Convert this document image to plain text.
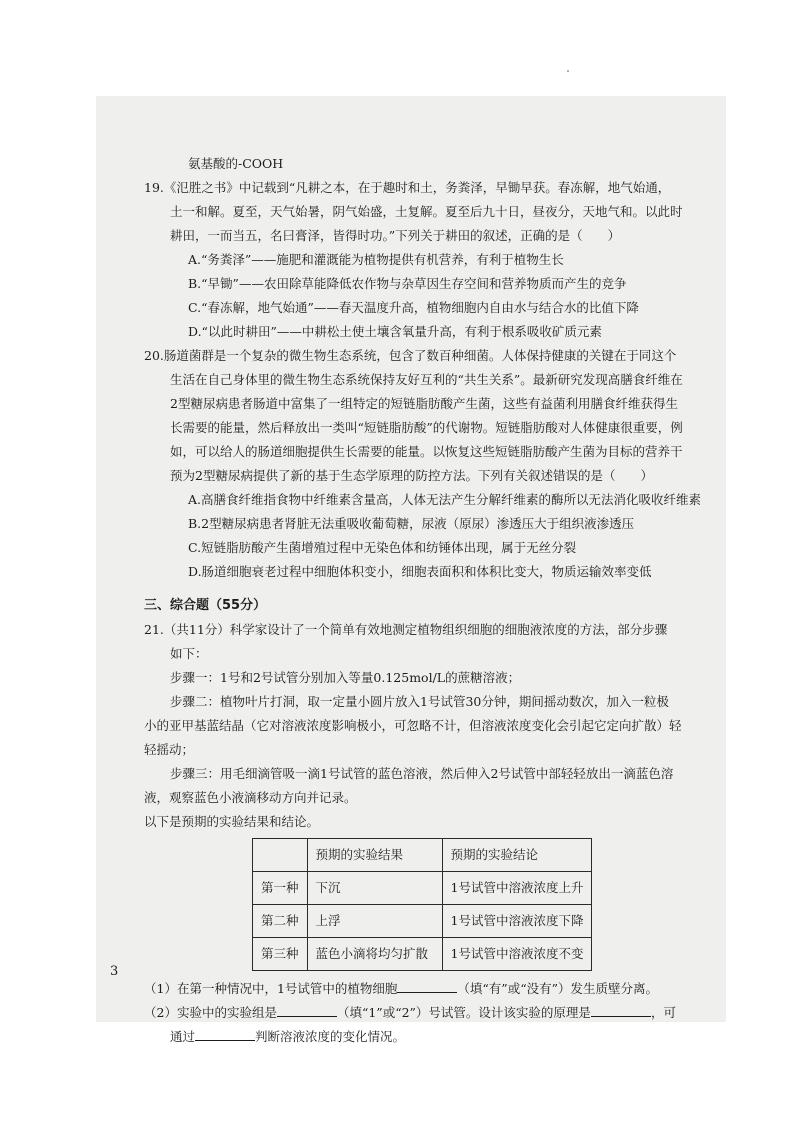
氨基酸的-COOH
19.《氾胜之书》中记载到“凡耕之本，在于趣时和土，务粪泽，早锄早获。春冻解，地气始通，
土一和解。夏至，天气始暑，阴气始盛，土复解。夏至后九十日，昼夜分，天地气和。以此时
耕田，一而当五，名曰膏泽，皆得时功。”下列关于耕田的叙述，正确的是（　　）
A.“务粪泽”——施肥和灌溉能为植物提供有机营养，有利于植物生长
B.“早锄”——农田除草能降低农作物与杂草因生存空间和营养物质而产生的竞争
C.“春冻解，地气始通”——春天温度升高，植物细胞内自由水与结合水的比值下降
D.“以此时耕田”——中耕松土使土壤含氧量升高，有利于根系吸收矿质元素
20.肠道菌群是一个复杂的微生物生态系统，包含了数百种细菌。人体保持健康的关键在于同这个
生活在自己身体里的微生物生态系统保持友好互利的“共生关系”。最新研究发现高膳食纤维在
2型糖尿病患者肠道中富集了一组特定的短链脂肪酸产生菌，这些有益菌利用膳食纤维获得生
长需要的能量，然后释放出一类叫“短链脂肪酸”的代谢物。短链脂肪酸对人体健康很重要，例
如，可以给人的肠道细胞提供生长需要的能量。以恢复这些短链脂肪酸产生菌为目标的营养干
预为2型糖尿病提供了新的基于生态学原理的防控方法。下列有关叙述错误的是（　　）
A.高膳食纤维指食物中纤维素含量高，人体无法产生分解纤维素的酶所以无法消化吸收纤维素
B.2型糖尿病患者肾脏无法重吸收葡萄糖，尿液（原尿）渗透压大于组织液渗透压
C.短链脂肪酸产生菌增殖过程中无染色体和纺锤体出现，属于无丝分裂
D.肠道细胞衰老过程中细胞体积变小，细胞表面积和体积比变大，物质运输效率变低
三、综合题（55分）
21.（共11分）科学家设计了一个简单有效地测定植物组织细胞的细胞液浓度的方法，部分步骤
如下：
步骤一：1号和2号试管分别加入等量0.125mol/L的蔗糖溶液；
步骤二：植物叶片打洞，取一定量小圆片放入1号试管30分钟，期间摇动数次，加入一粒极
小的亚甲基蓝结晶（它对溶液浓度影响极小，可忽略不计，但溶液浓度变化会引起它定向扩散）轻
轻摇动；
步骤三：用毛细滴管吸一滴1号试管的蓝色溶液，然后伸入2号试管中部轻轻放出一滴蓝色溶
液，观察蓝色小液滴移动方向并记录。
以下是预期的实验结果和结论。
	预期的实验结果	预期的实验结论
第一种	下沉	1号试管中溶液浓度上升
第二种	上浮	1号试管中溶液浓度下降
第三种	蓝色小滴将均匀扩散	1号试管中溶液浓度不变
（1）在第一种情况中，1号试管中的植物细胞	（填“有”或“没有”）发生质壁分离。
（2）实验中的实验组是	（填“1”或“2”）号试管。设计该实验的原理是	，可
通过	判断溶液浓度的变化情况。
3
